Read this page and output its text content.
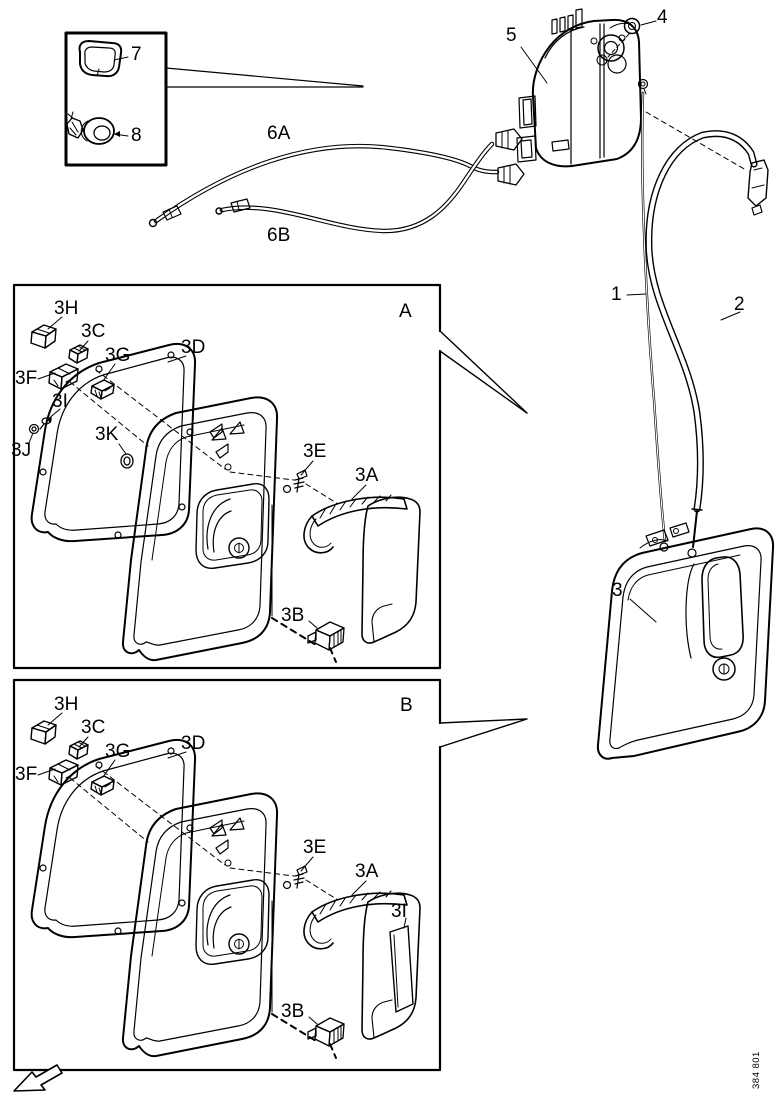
7
8	6A
6B
5
4
1	2
3
A
3H
3C
3F
3G
3I
3J
3K
3D
3E
3A
3B
B
3H
3C
3F
3G	3D
3E
3A
3I
3B
384 801
